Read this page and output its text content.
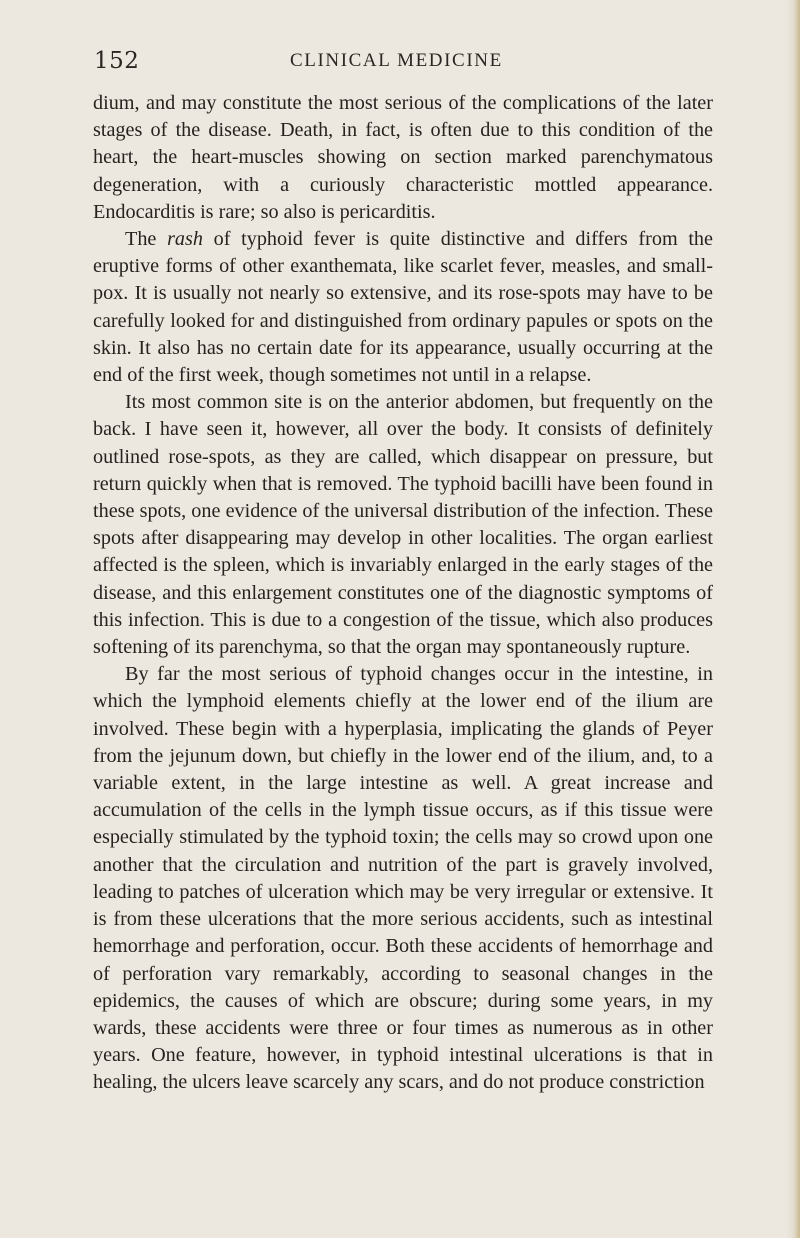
152	CLINICAL MEDICINE

dium, and may constitute the most serious of the complications of the later stages of the disease. Death, in fact, is often due to this condition of the heart, the heart-muscles showing on section marked parenchymatous degeneration, with a curiously characteristic mottled appearance. Endocarditis is rare; so also is pericarditis.

The rash of typhoid fever is quite distinctive and differs from the eruptive forms of other exanthemata, like scarlet fever, measles, and small-pox. It is usually not nearly so extensive, and its rose-spots may have to be carefully looked for and distinguished from ordinary papules or spots on the skin. It also has no certain date for its appearance, usually occurring at the end of the first week, though sometimes not until in a relapse.

Its most common site is on the anterior abdomen, but frequently on the back. I have seen it, however, all over the body. It consists of definitely outlined rose-spots, as they are called, which disappear on pressure, but return quickly when that is removed. The typhoid bacilli have been found in these spots, one evidence of the universal distribution of the infection. These spots after disappearing may develop in other localities. The organ earliest affected is the spleen, which is invariably enlarged in the early stages of the disease, and this enlargement constitutes one of the diagnostic symptoms of this infection. This is due to a congestion of the tissue, which also produces softening of its parenchyma, so that the organ may spontaneously rupture.

By far the most serious of typhoid changes occur in the intestine, in which the lymphoid elements chiefly at the lower end of the ilium are involved. These begin with a hyperplasia, implicating the glands of Peyer from the jejunum down, but chiefly in the lower end of the ilium, and, to a variable extent, in the large intestine as well. A great increase and accumulation of the cells in the lymph tissue occurs, as if this tissue were especially stimulated by the typhoid toxin; the cells may so crowd upon one another that the circulation and nutrition of the part is gravely involved, leading to patches of ulceration which may be very irregular or extensive. It is from these ulcerations that the more serious accidents, such as intestinal hemorrhage and perforation, occur. Both these accidents of hemorrhage and of perforation vary remarkably, according to seasonal changes in the epidemics, the causes of which are obscure; during some years, in my wards, these accidents were three or four times as numerous as in other years. One feature, however, in typhoid intestinal ulcerations is that in healing, the ulcers leave scarcely any scars, and do not produce constriction
